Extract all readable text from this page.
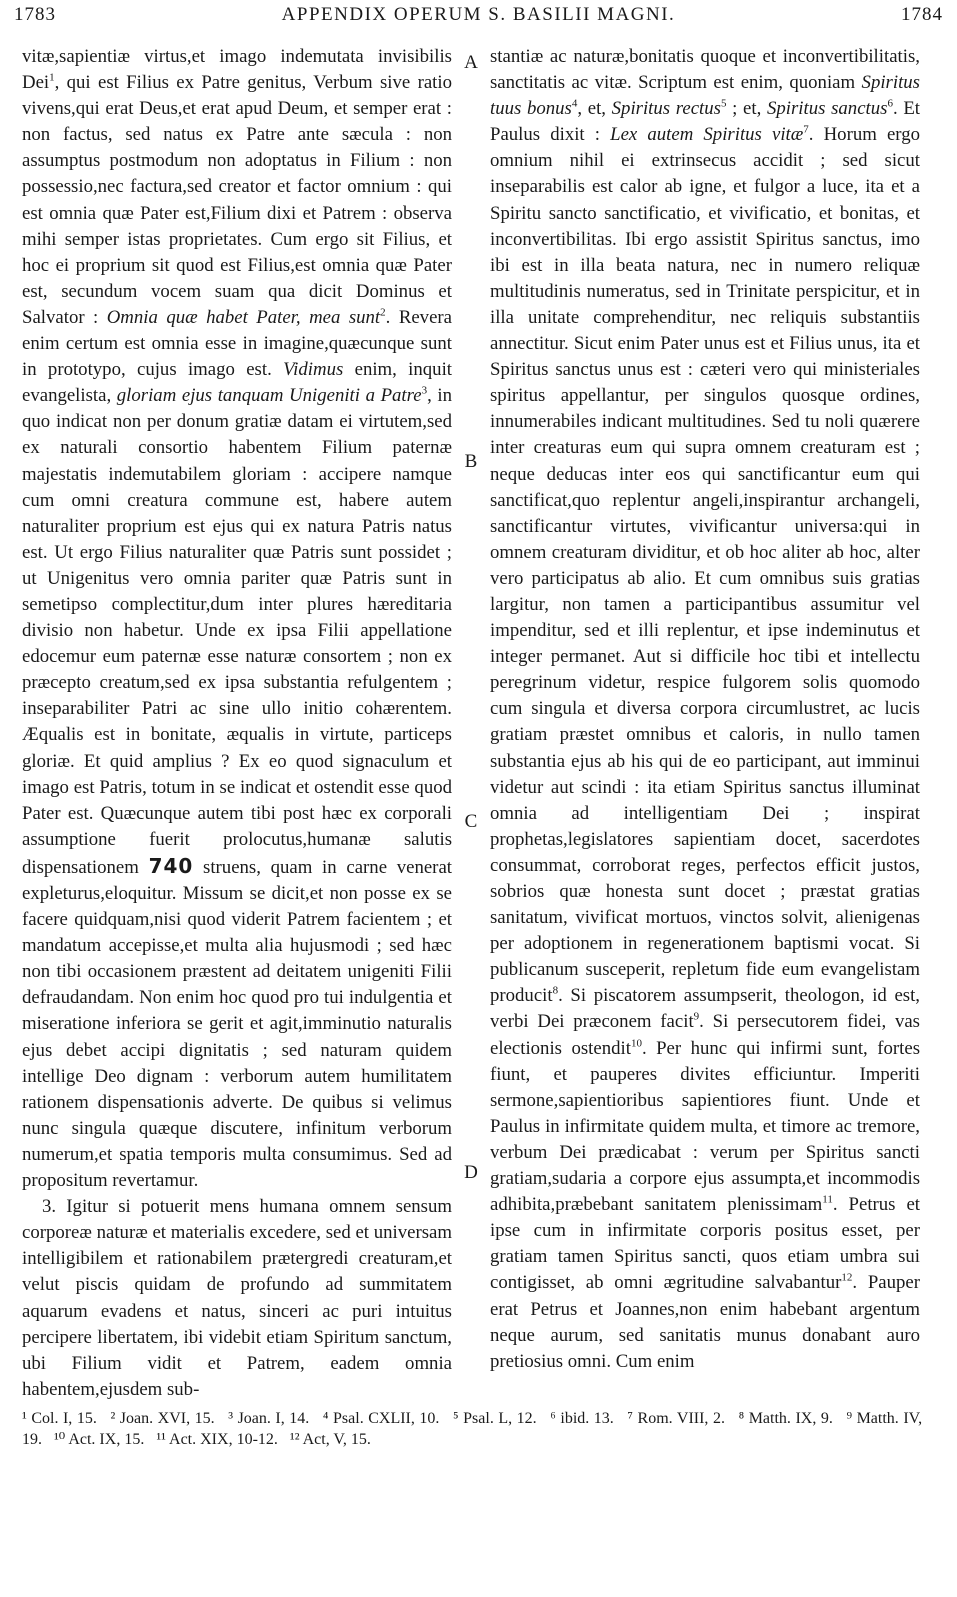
1783	APPENDIX OPERUM S. BASILII MAGNI.	1784

vitæ,sapientiæ virtus,et imago indemutata invisibilis Dei$^1$, qui est Filius ex Patre genitus, Verbum sive ratio vivens,qui erat Deus,et erat apud Deum, et semper erat : non factus, sed natus ex Patre ante sæcula : non assumptus postmodum non adoptatus in Filium : non possessio,nec factura,sed creator et factor omnium : qui est omnia quæ Pater est,Filium dixi et Patrem : observa mihi semper istas proprietates. Cum ergo sit Filius, et hoc ei proprium sit quod est Filius,est omnia quæ Pater est, secundum vocem suam qua dicit Dominus et Salvator : Omnia quæ habet Pater, mea sunt$^2$. Revera enim certum est omnia esse in imagine,quæcunque sunt in prototypo, cujus imago est. Vidimus enim, inquit evangelista, gloriam ejus tanquam Unigeniti a Patre$^3$, in quo indicat non per donum gratiæ datam ei virtutem,sed ex naturali consortio habentem Filium paternæ majestatis indemutabilem gloriam : accipere namque cum omni creatura commune est, habere autem naturaliter proprium est ejus qui ex natura Patris natus est. Ut ergo Filius naturaliter quæ Patris sunt possidet ; ut Unigenitus vero omnia pariter quæ Patris sunt in semetipso complectitur,dum inter plures hæreditaria divisio non habetur. Unde ex ipsa Filii appellatione edocemur eum paternæ esse naturæ consortem ; non ex præcepto creatum,sed ex ipsa substantia refulgentem ; inseparabiliter Patri ac sine ullo initio cohærentem. Æqualis est in bonitate, æqualis in virtute, particeps gloriæ. Et quid amplius ? Ex eo quod signaculum et imago est Patris, totum in se indicat et ostendit esse quod Pater est. Quæcunque autem tibi post hæc ex corporali assumptione fuerit prolocutus,humanæ salutis dispensationem 740 struens, quam in carne venerat expleturus,eloquitur. Missum se dicit,et non posse ex se facere quidquam,nisi quod viderit Patrem facientem ; et mandatum accepisse,et multa alia hujusmodi ; sed hæc non tibi occasionem præstent ad deitatem unigeniti Filii defraudandam. Non enim hoc quod pro tui indulgentia et miseratione inferiora se gerit et agit,imminutio naturalis ejus debet accipi dignitatis ; sed naturam quidem intellige Deo dignam : verborum autem humilitatem rationem dispensationis adverte. De quibus si velimus nunc singula quæque discutere, infinitum verborum numerum,et spatia temporis multa consumimus. Sed ad propositum revertamur.

3. Igitur si potuerit mens humana omnem sensum corporeæ naturæ et materialis excedere, sed et universam intelligibilem et rationabilem prætergredi creaturam,et velut piscis quidam de profundo ad summitatem aquarum evadens et natus, sinceri ac puri intuitus percipere libertatem, ibi videbit etiam Spiritum sanctum, ubi Filium vidit et Patrem, eadem omnia habentem,ejusdem sub-

A
B
C
D

stantiæ ac naturæ,bonitatis quoque et inconvertibilitatis, sanctitatis ac vitæ. Scriptum est enim, quoniam Spiritus tuus bonus$^4$, et, Spiritus rectus$^5$ ; et, Spiritus sanctus$^6$. Et Paulus dixit : Lex autem Spiritus vitæ$^7$. Horum ergo omnium nihil ei extrinsecus accidit ; sed sicut inseparabilis est calor ab igne, et fulgor a luce, ita et a Spiritu sancto sanctificatio, et vivificatio, et bonitas, et inconvertibilitas. Ibi ergo assistit Spiritus sanctus, imo ibi est in illa beata natura, nec in numero reliquæ multitudinis numeratus, sed in Trinitate perspicitur, et in illa unitate comprehenditur, nec reliquis substantiis annectitur. Sicut enim Pater unus est et Filius unus, ita et Spiritus sanctus unus est : cæteri vero qui ministeriales spiritus appellantur, per singulos quosque ordines, innumerabiles indicant multitudines. Sed tu noli quærere inter creaturas eum qui supra omnem creaturam est ; neque deducas inter eos qui sanctificantur eum qui sanctificat,quo replentur angeli,inspirantur archangeli, sanctificantur virtutes, vivificantur universa:qui in omnem creaturam dividitur, et ob hoc aliter ab hoc, alter vero participatus ab alio. Et cum omnibus suis gratias largitur, non tamen a participantibus assumitur vel impenditur, sed et illi replentur, et ipse indeminutus et integer permanet. Aut si difficile hoc tibi et intellectu peregrinum videtur, respice fulgorem solis quomodo cum singula et diversa corpora circumlustret, ac lucis gratiam præstet omnibus et caloris, in nullo tamen substantia ejus ab his qui de eo participant, aut imminui videtur aut scindi : ita etiam Spiritus sanctus illuminat omnia ad intelligentiam Dei ; inspirat prophetas,legislatores sapientiam docet, sacerdotes consummat, corroborat reges, perfectos efficit justos, sobrios quæ honesta sunt docet ; præstat gratias sanitatum, vivificat mortuos, vinctos solvit, alienigenas per adoptionem in regenerationem baptismi vocat. Si publicanum susceperit, repletum fide eum evangelistam producit$^8$. Si piscatorem assumpserit, theologon, id est, verbi Dei præconem facit$^9$. Si persecutorem fidei, vas electionis ostendit$^{10}$. Per hunc qui infirmi sunt, fortes fiunt, et pauperes divites efficiuntur. Imperiti sermone,sapientioribus sapientiores fiunt. Unde et Paulus in infirmitate quidem multa, et timore ac tremore, verbum Dei prædicabat : verum per Spiritus sancti gratiam,sudaria a corpore ejus assumpta,et incommodis adhibita,præbebant sanitatem plenissimam$^{11}$. Petrus et ipse cum in infirmitate corporis positus esset, per gratiam tamen Spiritus sancti, quos etiam umbra sui contigisset, ab omni ægritudine salvabantur$^{12}$. Pauper erat Petrus et Joannes,non enim habebant argentum neque aurum, sed sanitatis munus donabant auro pretiosius omni. Cum enim

¹ Col. I, 15. ² Joan. XVI, 15. ³ Joan. I, 14. ⁴ Psal. CXLII, 10. ⁵ Psal. L, 12. ⁶ ibid. 13. ⁷ Rom. VIII, 2. ⁸ Matth. IX, 9. ⁹ Matth. IV, 19. ¹⁰ Act. IX, 15. ¹¹ Act. XIX, 10-12. ¹² Act, V, 15.
